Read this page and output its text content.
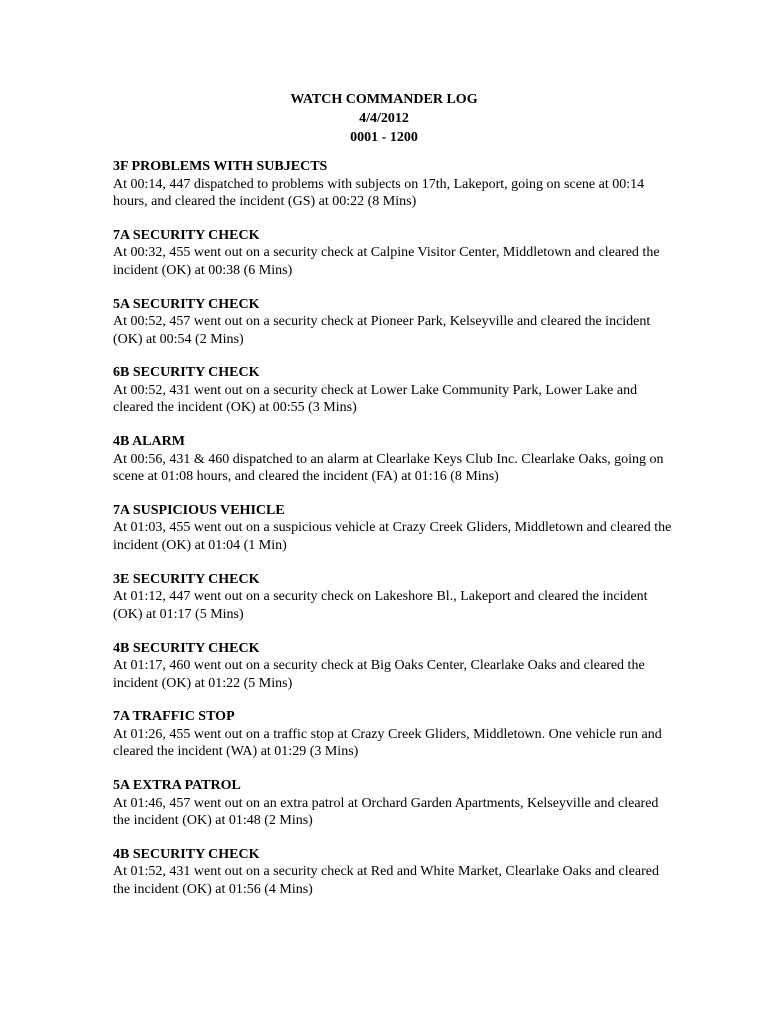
WATCH COMMANDER LOG
4/4/2012
0001 - 1200
3F PROBLEMS WITH SUBJECTS

At 00:14, 447 dispatched to problems with subjects on 17th, Lakeport, going on scene at 00:14 hours, and cleared the incident (GS) at 00:22 (8 Mins)

7A SECURITY CHECK

At 00:32, 455 went out on a security check at Calpine Visitor Center, Middletown and cleared the incident (OK) at 00:38 (6 Mins)

5A SECURITY CHECK

At 00:52, 457 went out on a security check at Pioneer Park, Kelseyville and cleared the incident (OK) at 00:54 (2 Mins)

6B SECURITY CHECK

At 00:52, 431 went out on a security check at Lower Lake Community Park, Lower Lake and cleared the incident (OK) at 00:55 (3 Mins)

4B ALARM

At 00:56, 431 & 460 dispatched to an alarm at Clearlake Keys Club Inc. Clearlake Oaks, going on scene at 01:08 hours, and cleared the incident (FA) at 01:16 (8 Mins)

7A SUSPICIOUS VEHICLE

At 01:03, 455 went out on a suspicious vehicle at Crazy Creek Gliders, Middletown and cleared the incident (OK) at 01:04 (1 Min)

3E SECURITY CHECK

At 01:12, 447 went out on a security check on Lakeshore Bl., Lakeport and cleared the incident (OK) at 01:17 (5 Mins)

4B SECURITY CHECK

At 01:17, 460 went out on a security check at Big Oaks Center, Clearlake Oaks and cleared the incident (OK) at 01:22 (5 Mins)

7A TRAFFIC STOP

At 01:26, 455 went out on a traffic stop at Crazy Creek Gliders, Middletown. One vehicle run and cleared the incident (WA) at 01:29 (3 Mins)

5A EXTRA PATROL

At 01:46, 457 went out on an extra patrol at Orchard Garden Apartments, Kelseyville and cleared the incident (OK) at 01:48 (2 Mins)

4B SECURITY CHECK

At 01:52, 431 went out on a security check at Red and White Market, Clearlake Oaks and cleared the incident (OK) at 01:56 (4 Mins)
